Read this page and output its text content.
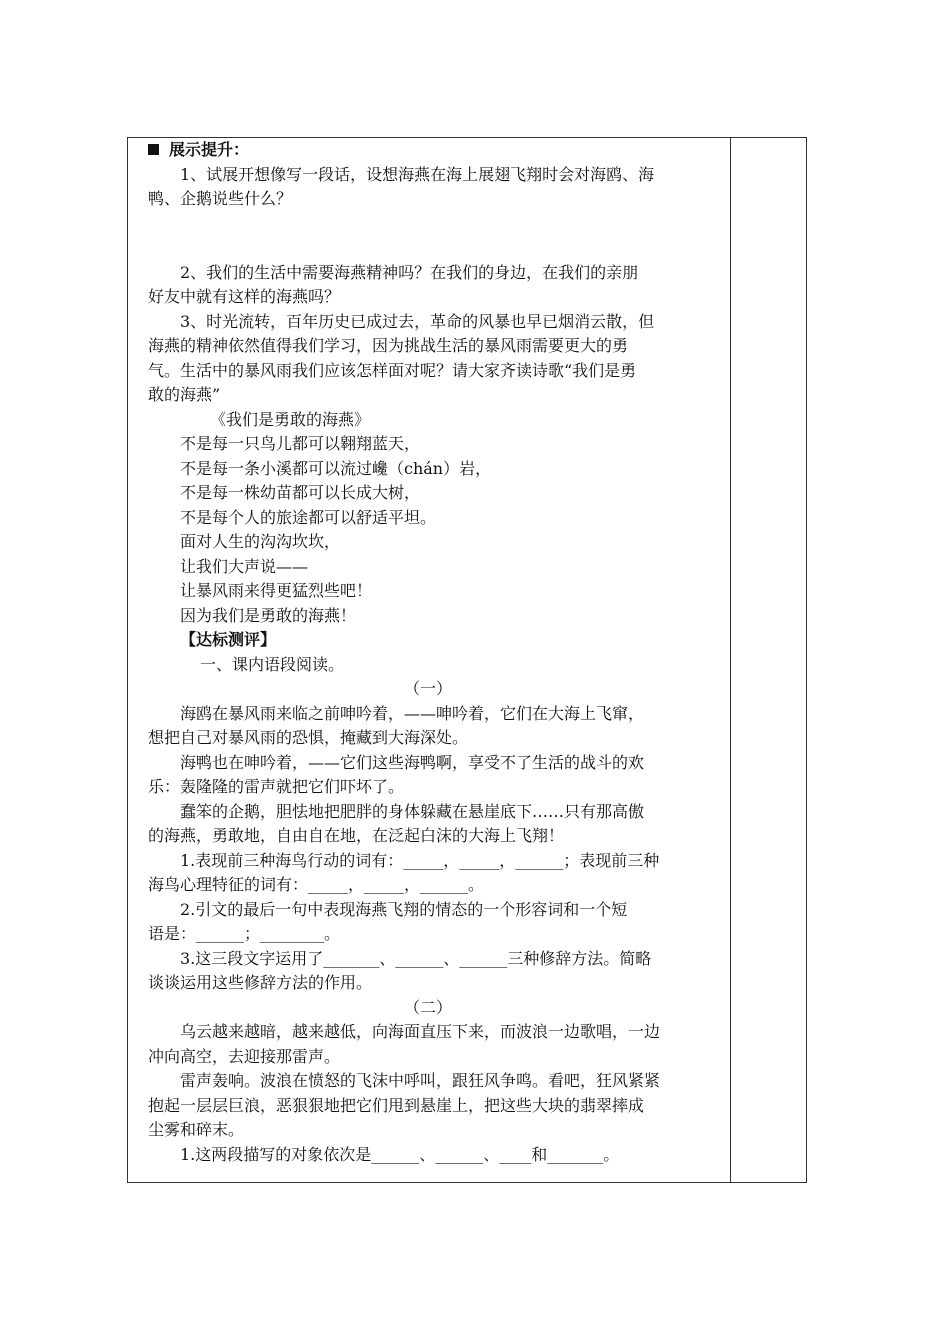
展示提升：
1、试展开想像写一段话，设想海燕在海上展翅飞翔时会对海鸥、海
鸭、企鹅说些什么？
2、我们的生活中需要海燕精神吗？在我们的身边，在我们的亲朋
好友中就有这样的海燕吗？
3、时光流转，百年历史已成过去，革命的风暴也早已烟消云散，但
海燕的精神依然值得我们学习，因为挑战生活的暴风雨需要更大的勇
气。生活中的暴风雨我们应该怎样面对呢？请大家齐读诗歌“我们是勇
敢的海燕”
《我们是勇敢的海燕》
不是每一只鸟儿都可以翱翔蓝天，
不是每一条小溪都可以流过巉（chán）岩，
不是每一株幼苗都可以长成大树，
不是每个人的旅途都可以舒适平坦。
面对人生的沟沟坎坎，
让我们大声说——
让暴风雨来得更猛烈些吧！
因为我们是勇敢的海燕！
【达标测评】
一、课内语段阅读。
（一）
海鸥在暴风雨来临之前呻吟着，——呻吟着，它们在大海上飞窜，
想把自己对暴风雨的恐惧，掩藏到大海深处。
海鸭也在呻吟着，——它们这些海鸭啊，享受不了生活的战斗的欢
乐：轰隆隆的雷声就把它们吓坏了。
蠢笨的企鹅，胆怯地把肥胖的身体躲藏在悬崖底下……只有那高傲
的海燕，勇敢地，自由自在地，在泛起白沫的大海上飞翔！
1.表现前三种海鸟行动的词有：_____，_____，______；表现前三种
海鸟心理特征的词有：_____，_____，______。
2.引文的最后一句中表现海燕飞翔的情态的一个形容词和一个短
语是：______；________。
3.这三段文字运用了_______、______、______三种修辞方法。简略
谈谈运用这些修辞方法的作用。
（二）
乌云越来越暗，越来越低，向海面直压下来，而波浪一边歌唱，一边
冲向高空，去迎接那雷声。
雷声轰响。波浪在愤怒的飞沫中呼叫，跟狂风争鸣。看吧，狂风紧紧
抱起一层层巨浪，恶狠狠地把它们甩到悬崖上，把这些大块的翡翠摔成
尘雾和碎末。
1.这两段描写的对象依次是______、______、____和_______。
